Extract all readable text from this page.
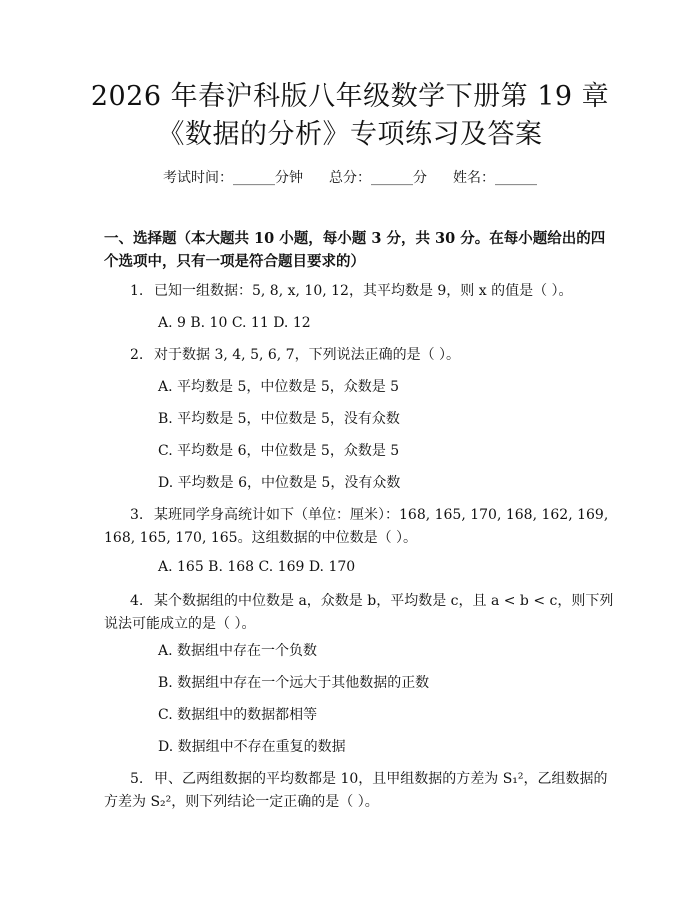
2026 年春沪科版八年级数学下册第 19 章
《数据的分析》专项练习及答案
考试时间：______分钟 总分：______分 姓名：______
一、选择题（本大题共 10 小题，每小题 3 分，共 30 分。在每小题给出的四个选项中，只有一项是符合题目要求的）
1. 已知一组数据：5, 8, x, 10, 12，其平均数是 9，则 x 的值是（ ）。
A. 9 B. 10 C. 11 D. 12
2. 对于数据 3, 4, 5, 6, 7，下列说法正确的是（ ）。
A. 平均数是 5，中位数是 5，众数是 5
B. 平均数是 5，中位数是 5，没有众数
C. 平均数是 6，中位数是 5，众数是 5
D. 平均数是 6，中位数是 5，没有众数
3. 某班同学身高统计如下（单位：厘米）：168, 165, 170, 168, 162, 169, 168, 165, 170, 165。这组数据的中位数是（ ）。
A. 165 B. 168 C. 169 D. 170
4. 某个数据组的中位数是 a，众数是 b，平均数是 c，且 a < b < c，则下列说法可能成立的是（ ）。
A. 数据组中存在一个负数
B. 数据组中存在一个远大于其他数据的正数
C. 数据组中的数据都相等
D. 数据组中不存在重复的数据
5. 甲、乙两组数据的平均数都是 10，且甲组数据的方差为 S₁²，乙组数据的方差为 S₂²，则下列结论一定正确的是（ ）。
